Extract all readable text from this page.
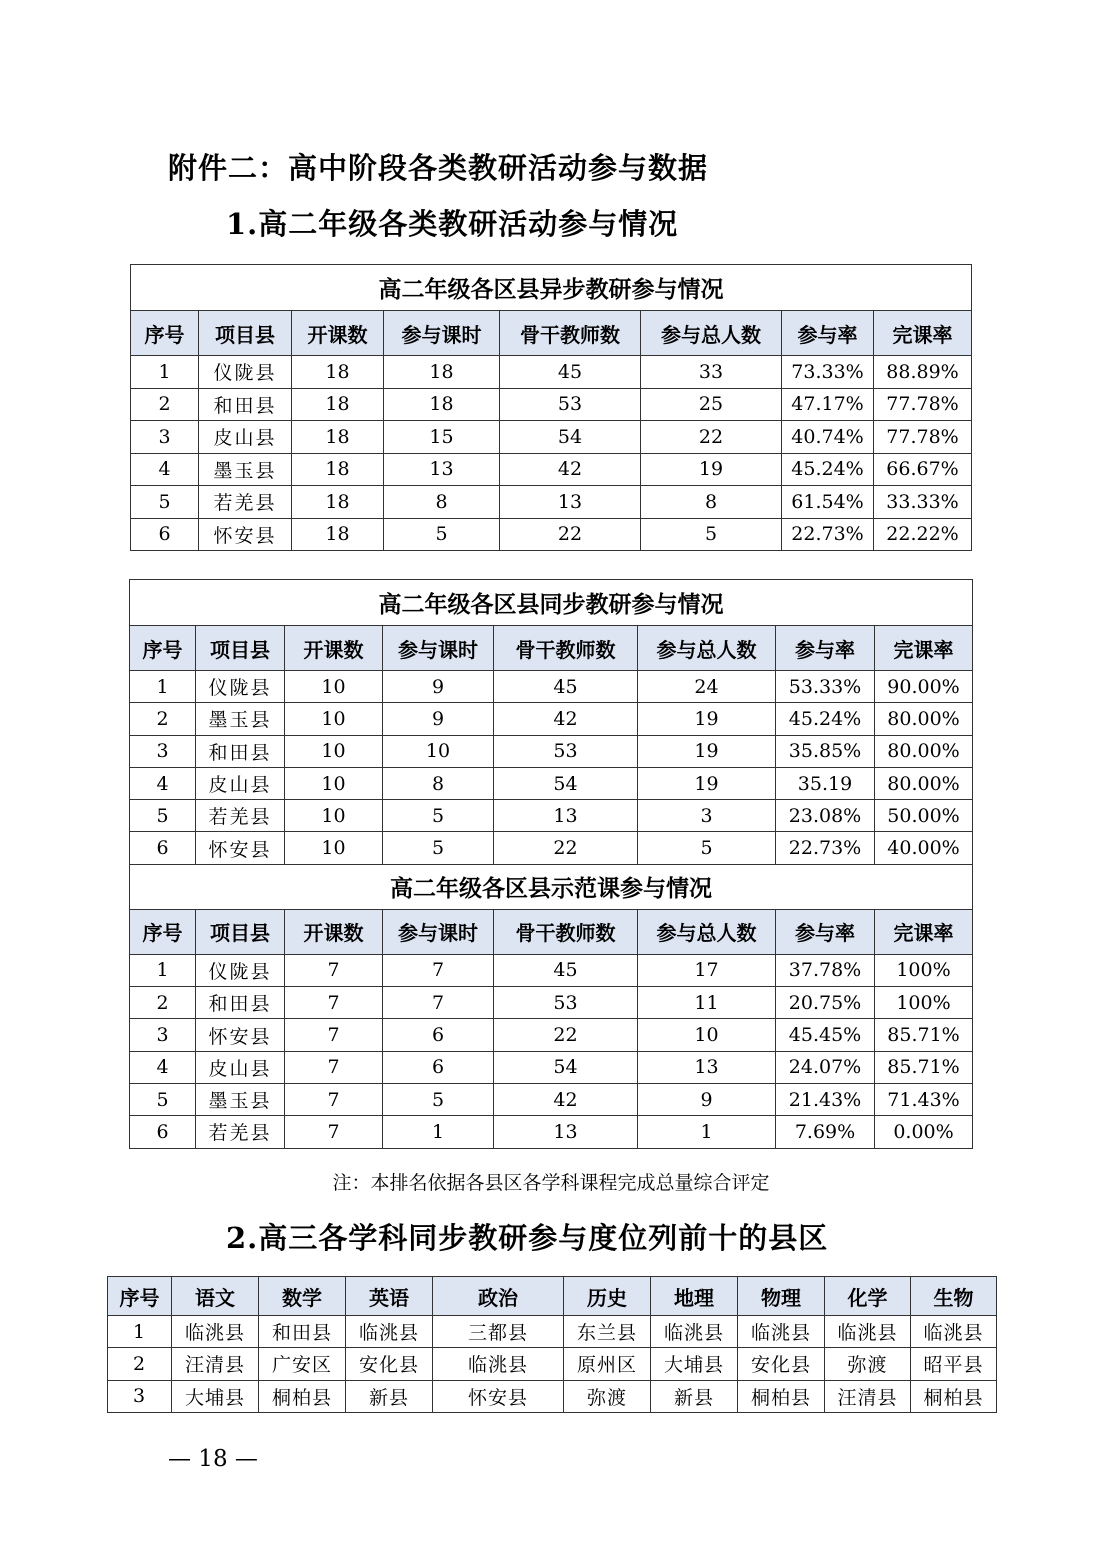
附件二：高中阶段各类教研活动参与数据
1.高二年级各类教研活动参与情况
高二年级各区县异步教研参与情况							
序号	项目县	开课数	参与课时	骨干教师数	参与总人数	参与率	完课率
1	仪陇县	18	18	45	33	73.33%	88.89%
2	和田县	18	18	53	25	47.17%	77.78%
3	皮山县	18	15	54	22	40.74%	77.78%
4	墨玉县	18	13	42	19	45.24%	66.67%
5	若羌县	18	8	13	8	61.54%	33.33%
6	怀安县	18	5	22	5	22.73%	22.22%
高二年级各区县同步教研参与情况							
序号	项目县	开课数	参与课时	骨干教师数	参与总人数	参与率	完课率
1	仪陇县	10	9	45	24	53.33%	90.00%
2	墨玉县	10	9	42	19	45.24%	80.00%
3	和田县	10	10	53	19	35.85%	80.00%
4	皮山县	10	8	54	19	35.19	80.00%
5	若羌县	10	5	13	3	23.08%	50.00%
6	怀安县	10	5	22	5	22.73%	40.00%
高二年级各区县示范课参与情况							
序号	项目县	开课数	参与课时	骨干教师数	参与总人数	参与率	完课率
1	仪陇县	7	7	45	17	37.78%	100%
2	和田县	7	7	53	11	20.75%	100%
3	怀安县	7	6	22	10	45.45%	85.71%
4	皮山县	7	6	54	13	24.07%	85.71%
5	墨玉县	7	5	42	9	21.43%	71.43%
6	若羌县	7	1	13	1	7.69%	0.00%
注：本排名依据各县区各学科课程完成总量综合评定
2.高三各学科同步教研参与度位列前十的县区
序号	语文	数学	英语	政治	历史	地理	物理	化学	生物
1	临洮县	和田县	临洮县	三都县	东兰县	临洮县	临洮县	临洮县	临洮县
2	汪清县	广安区	安化县	临洮县	原州区	大埔县	安化县	弥渡	昭平县
3	大埔县	桐柏县	新县	怀安县	弥渡	新县	桐柏县	汪清县	桐柏县
— 18 —
